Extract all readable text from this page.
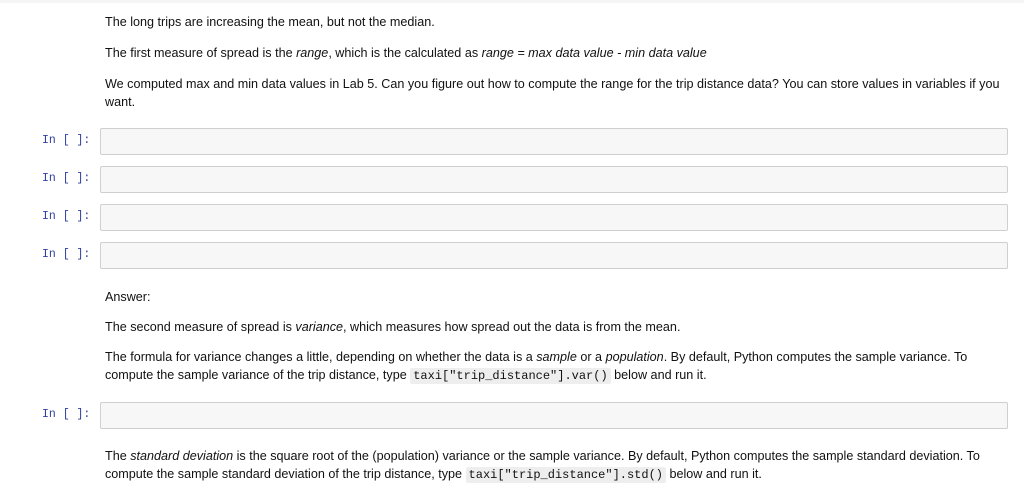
The long trips are increasing the mean, but not the median.

The first measure of spread is the range, which is the calculated as range = max data value - min data value

We computed max and min data values in Lab 5. Can you figure out how to compute the range for the trip distance data? You can store values in variables if you want.

In [ ]:
In [ ]:
In [ ]:
In [ ]:

Answer:

The second measure of spread is variance, which measures how spread out the data is from the mean.

The formula for variance changes a little, depending on whether the data is a sample or a population. By default, Python computes the sample variance. To compute the sample variance of the trip distance, type taxi["trip_distance"].var() below and run it.

In [ ]:

The standard deviation is the square root of the (population) variance or the sample variance. By default, Python computes the sample standard deviation. To compute the sample standard deviation of the trip distance, type taxi["trip_distance"].std() below and run it.
